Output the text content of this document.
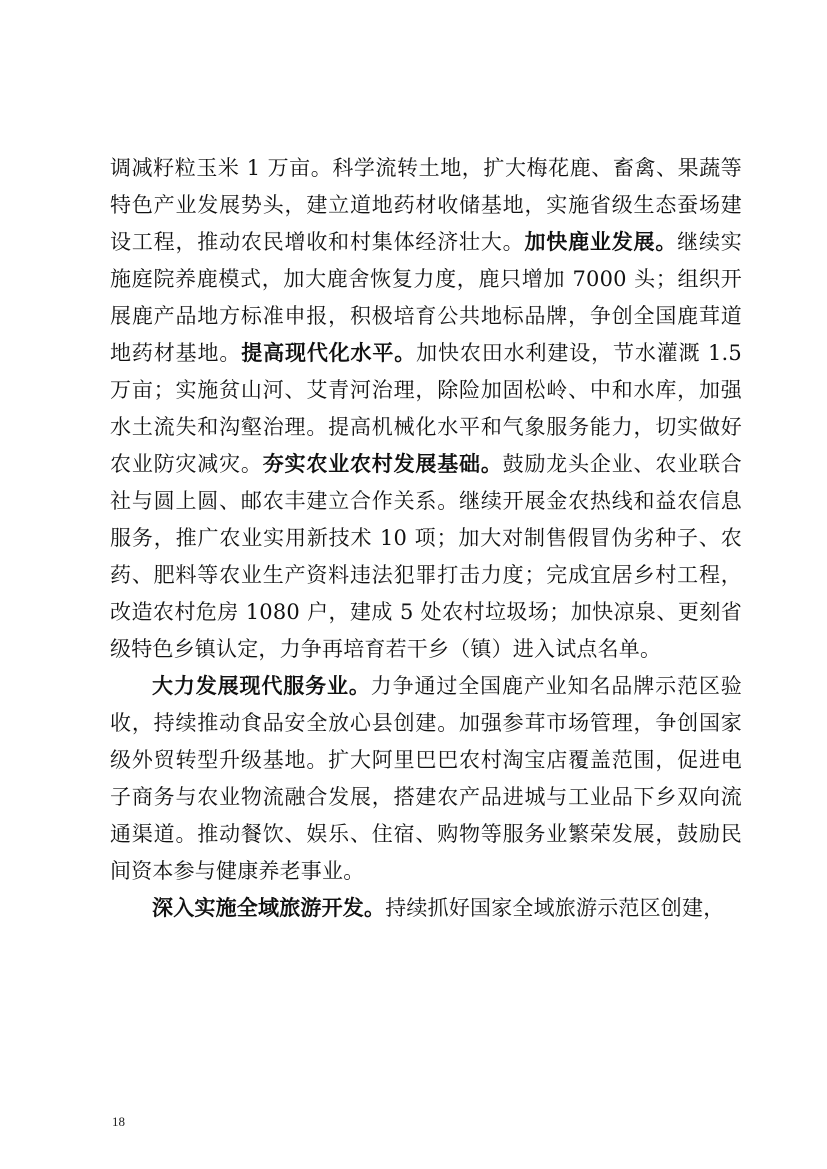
调减籽粒玉米 1 万亩。科学流转土地，扩大梅花鹿、畜禽、果蔬等特色产业发展势头，建立道地药材收储基地，实施省级生态蚕场建设工程，推动农民增收和村集体经济壮大。加快鹿业发展。继续实施庭院养鹿模式，加大鹿舍恢复力度，鹿只增加 7000 头；组织开展鹿产品地方标准申报，积极培育公共地标品牌，争创全国鹿茸道地药材基地。提高现代化水平。加快农田水利建设，节水灌溉 1.5 万亩；实施贫山河、艾青河治理，除险加固松岭、中和水库，加强水土流失和沟壑治理。提高机械化水平和气象服务能力，切实做好农业防灾减灾。夯实农业农村发展基础。鼓励龙头企业、农业联合社与圆上圆、邮农丰建立合作关系。继续开展金农热线和益农信息服务，推广农业实用新技术 10 项；加大对制售假冒伪劣种子、农药、肥料等农业生产资料违法犯罪打击力度；完成宜居乡村工程，改造农村危房 1080 户，建成 5 处农村垃圾场；加快凉泉、更刻省级特色乡镇认定，力争再培育若干乡（镇）进入试点名单。

大力发展现代服务业。力争通过全国鹿产业知名品牌示范区验收，持续推动食品安全放心县创建。加强参茸市场管理，争创国家级外贸转型升级基地。扩大阿里巴巴农村淘宝店覆盖范围，促进电子商务与农业物流融合发展，搭建农产品进城与工业品下乡双向流通渠道。推动餐饮、娱乐、住宿、购物等服务业繁荣发展，鼓励民间资本参与健康养老事业。

深入实施全域旅游开发。持续抓好国家全域旅游示范区创建，

18
